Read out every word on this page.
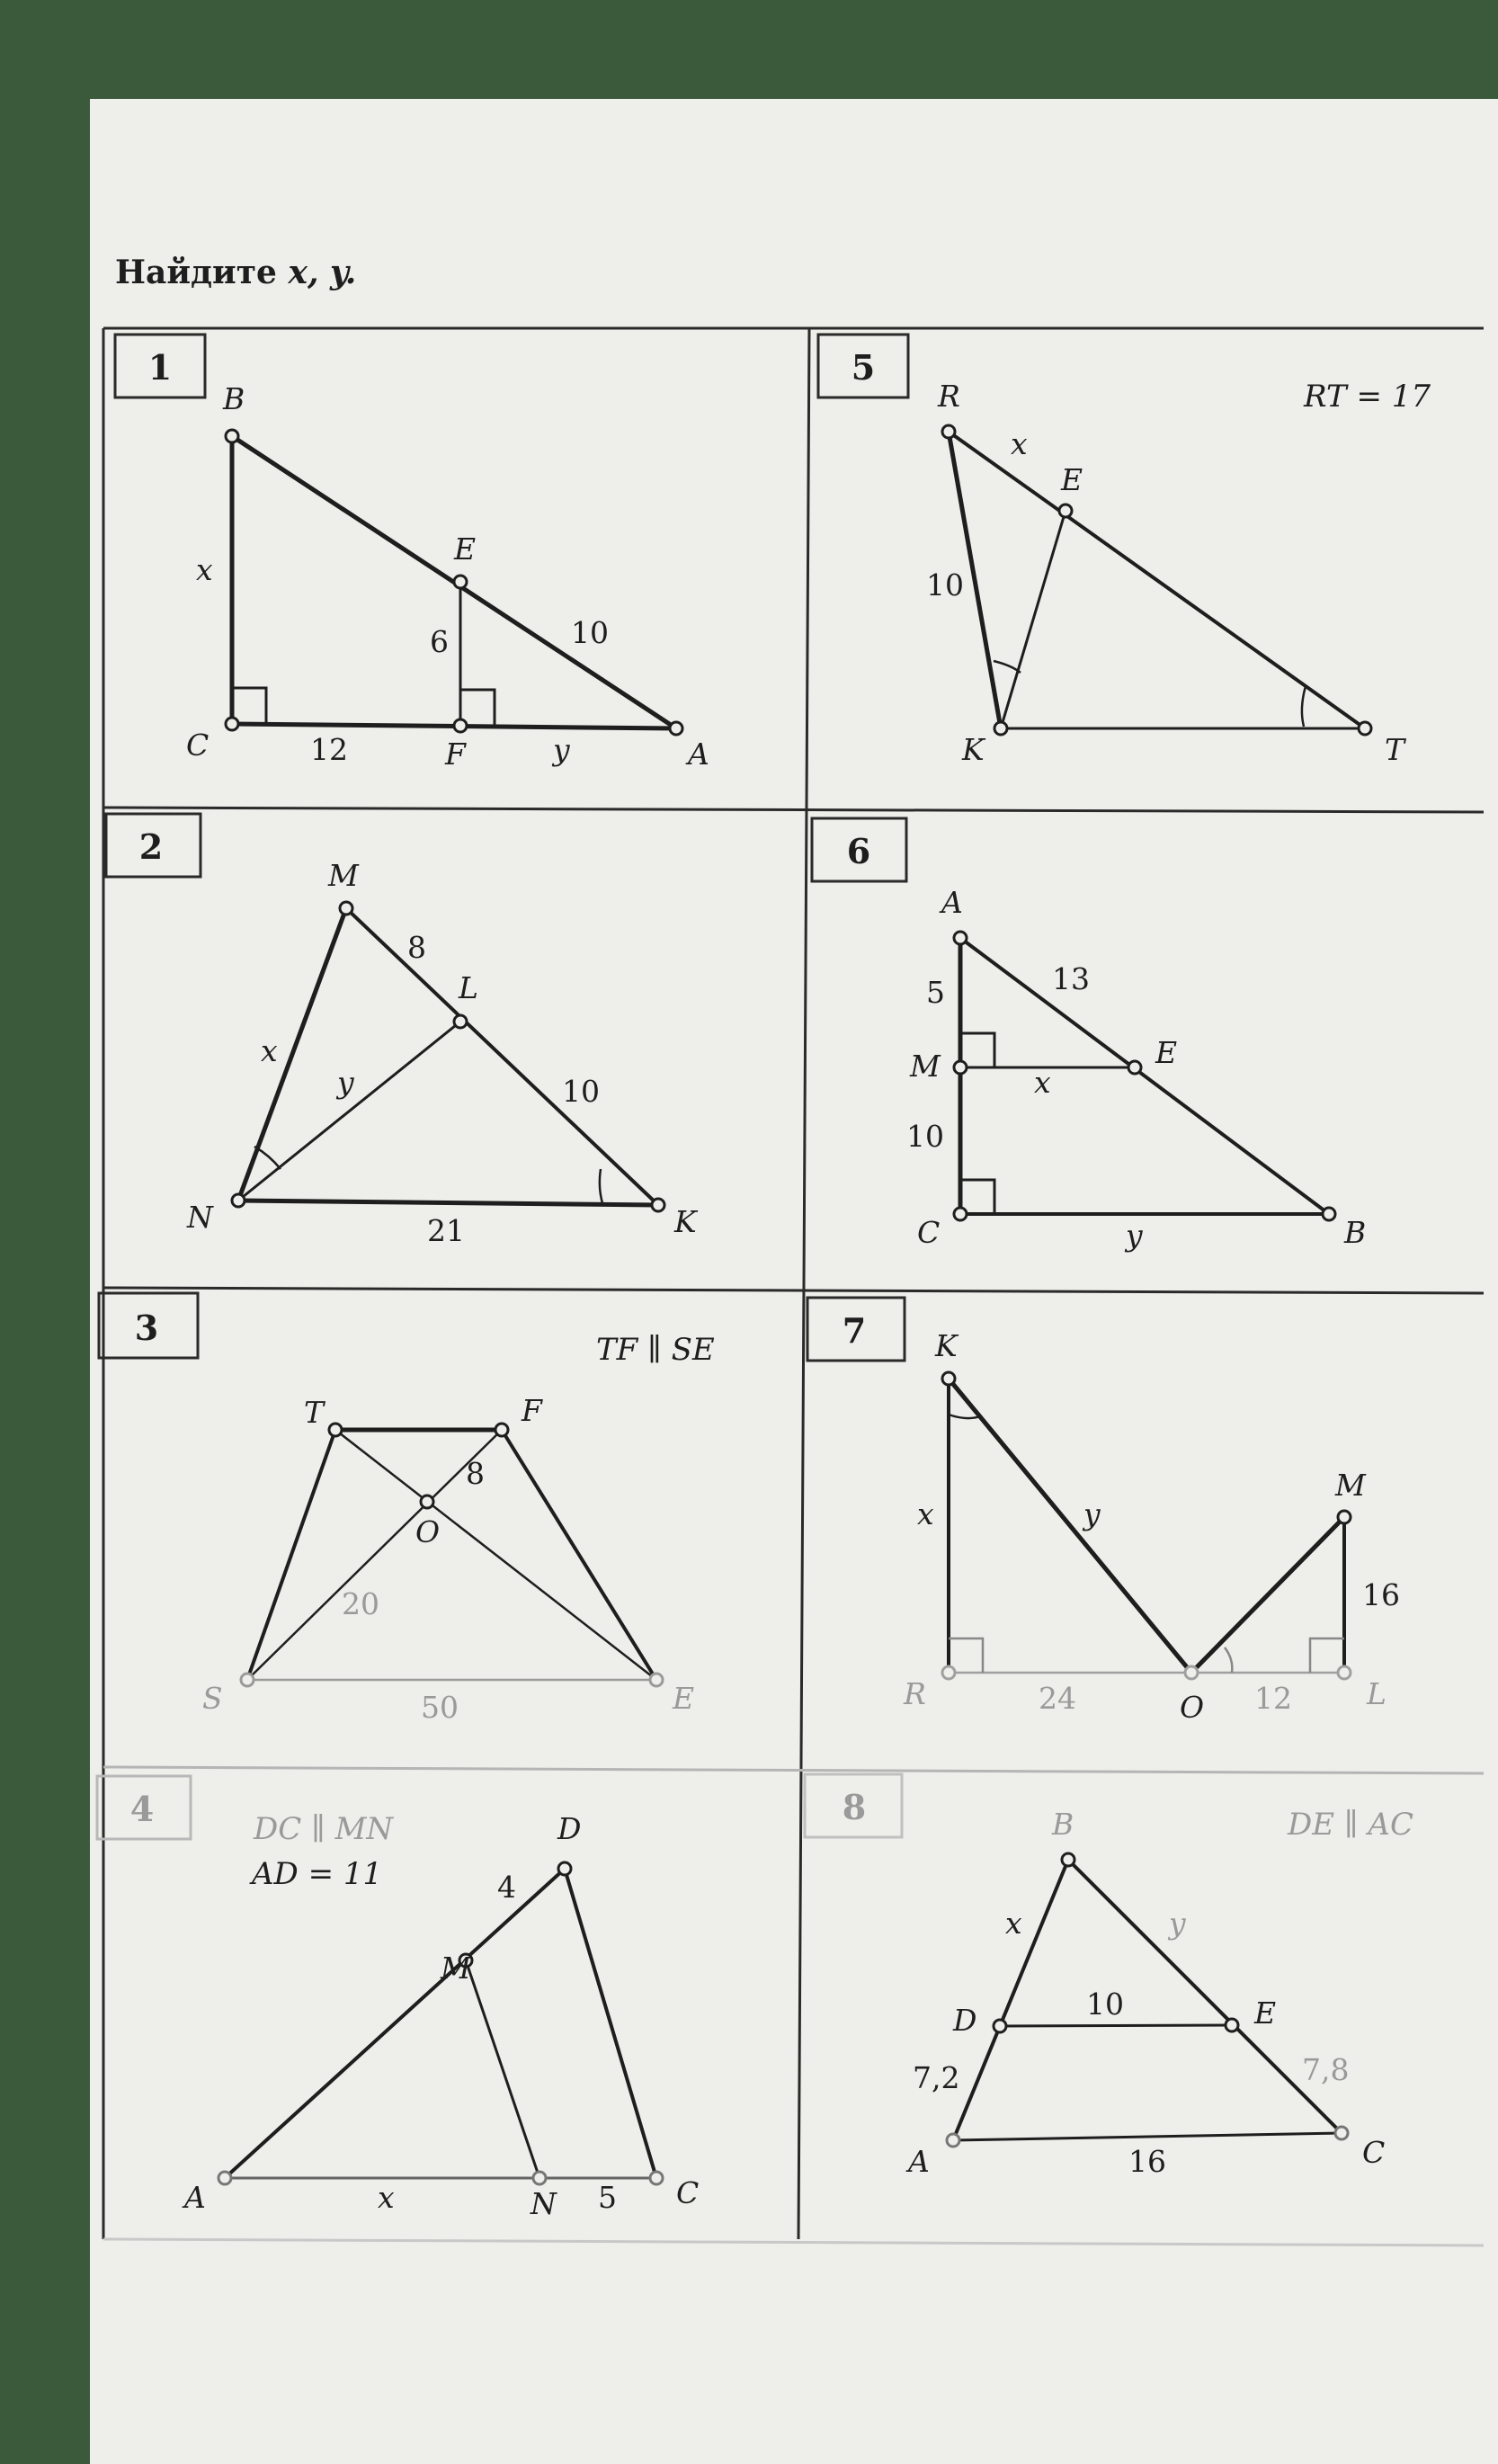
Найдите x, y.
1
B
E
C	F	A
x
6	10
12	y
5
RT = 17
R
E
K	T
x
10
2
M
L
N	K
8
x
y	10
21
6
A
M	E
C	B
5	13
x
10
y
3
TF ∥ SE
T	F
O
S	E
8
20
50
7 K
M
R	O	L
x	y
16
24	12
4	DC ∥ MN
AD = 11
D
M
A	N	C
4
x	5
8	DE ∥ AC
B
D	E
A	C
x	y
10
7,2	7,8
16
